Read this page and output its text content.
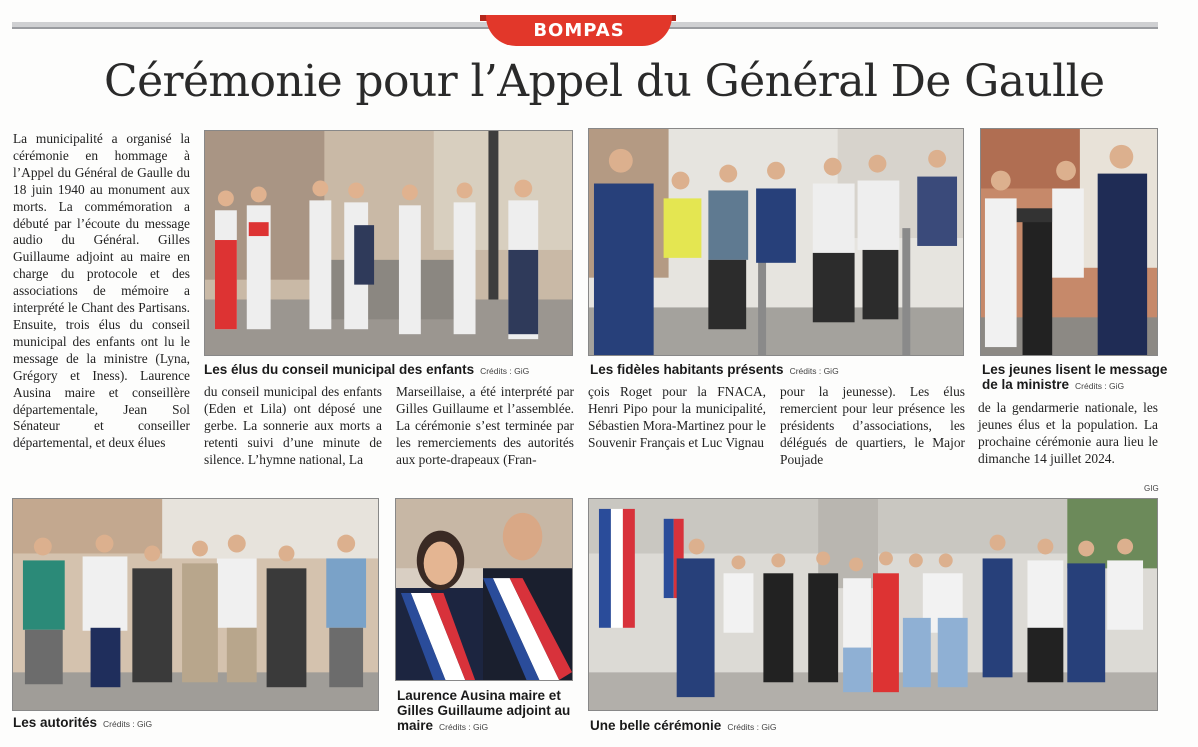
BOMPAS
Cérémonie pour l’Appel du Général De Gaulle

La municipalité a organisé la cérémonie en hommage à l’Appel du Général de Gaulle du 18 juin 1940 au monument aux morts. La commémoration a débuté par l’écoute du message audio du Général. Gilles Guillaume adjoint au maire en charge du protocole et des associations de mémoire a interprété le Chant des Partisans. Ensuite, trois élus du conseil municipal des enfants ont lu le message de la ministre (Lyna, Grégory et Iness). Laurence Ausina maire et conseillère départementale, Jean Sol Sénateur et conseiller départemental, et deux élues

du conseil municipal des enfants (Eden et Lila) ont déposé une gerbe. La sonnerie aux morts a retenti suivi d’une minute de silence. L’hymne national, La

Marseillaise, a été interprété par Gilles Guillaume et l’assemblée. La cérémonie s’est terminée par les remerciements des autorités aux porte-drapeaux (Fran-

çois Roget pour la FNACA, Henri Pipo pour la municipalité, Sébastien Mora-Martinez pour le Souvenir Français et Luc Vignau

pour la jeunesse). Les élus remercient pour leur présence les présidents d’associations, les délégués de quartiers, le Major Poujade

de la gendarmerie nationale, les jeunes élus et la population. La prochaine cérémonie aura lieu le dimanche 14 juillet 2024.

GIG
Les élus du conseil municipal des enfants Crédits : GiG	Les fidèles habitants présents Crédits : GiG	Les jeunes lisent le message
de la ministre Crédits : GiG
Les autorités Crédits : GiG
Laurence Ausina maire et
Gilles Guillaume adjoint au
maire Crédits : GiG	Une belle cérémonie Crédits : GiG
